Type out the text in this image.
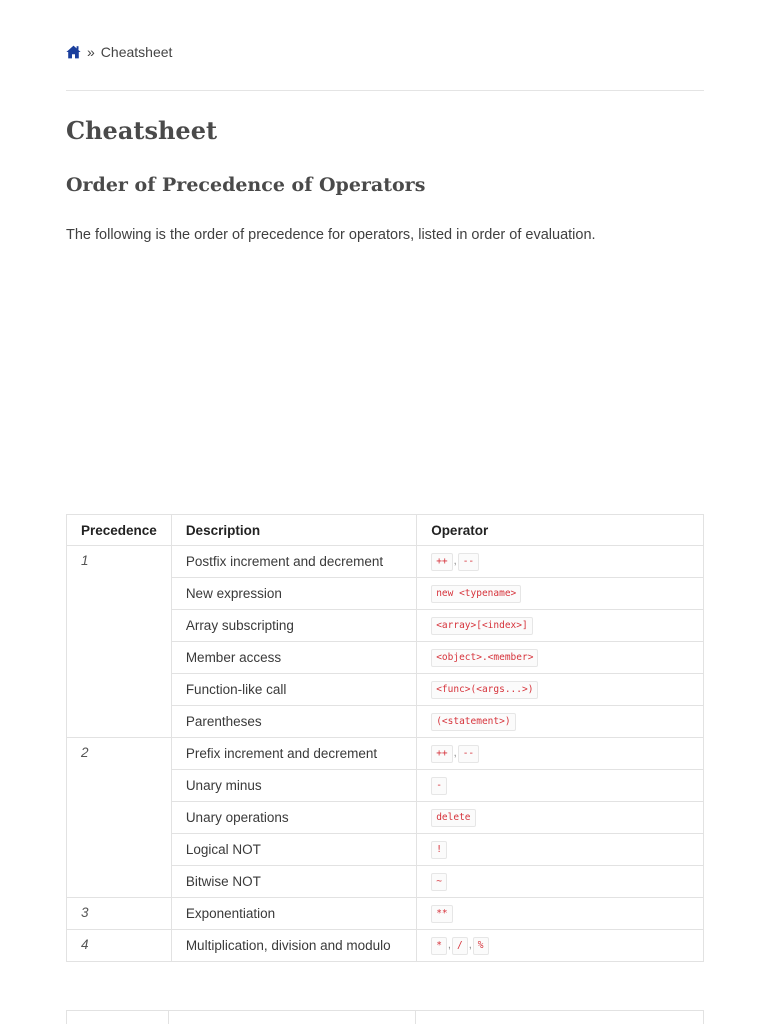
» Cheatsheet
Cheatsheet
Order of Precedence of Operators

The following is the order of precedence for operators, listed in order of evaluation.

Precedence	Description	Operator
1	Postfix increment and decrement	++ , --
	New expression	new <typename>
	Array subscripting	<array>[<index>]
	Member access	<object>.<member>
	Function-like call	<func>(<args...>)
	Parentheses	(<statement>)
2	Prefix increment and decrement	++ , --
	Unary minus	-
	Unary operations	delete
	Logical NOT	!
	Bitwise NOT	~
3	Exponentiation	**
4	Multiplication, division and modulo	* , / , %
